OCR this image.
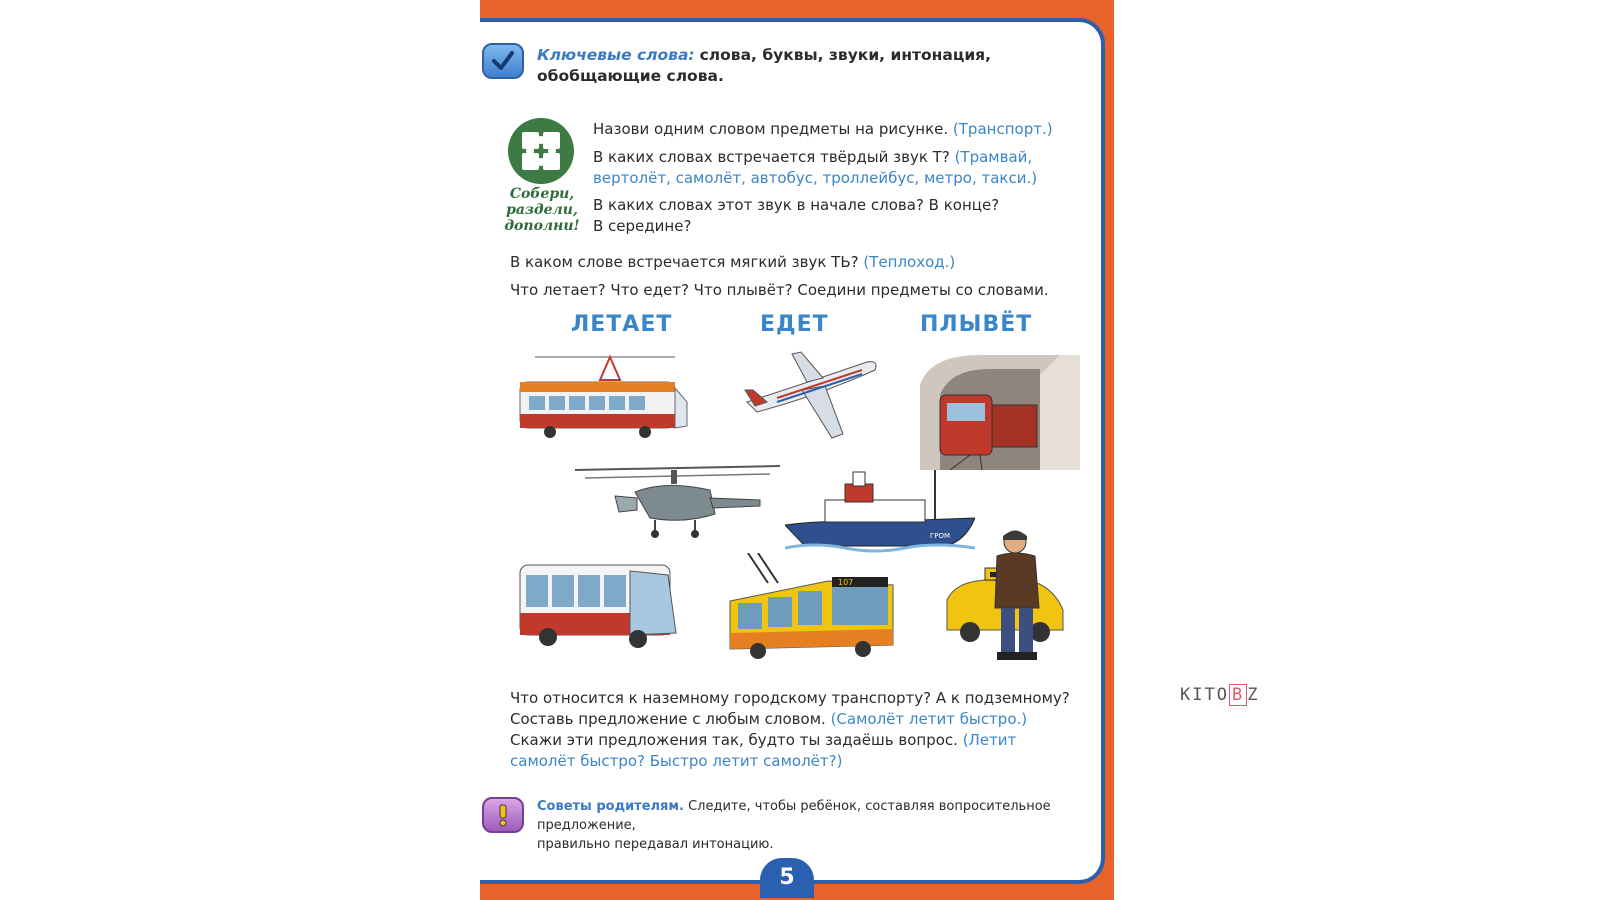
Ключевые слова: слова, буквы, звуки, интонация,
обобщающие слова.
Собери,
раздели,
дополни!
Назови одним словом предметы на рисунке. (Транспорт.)
В каких словах встречается твёрдый звук Т? (Трамвай,
вертолёт, самолёт, автобус, троллейбус, метро, такси.)
В каких словах этот звук в начале слова? В конце?
В середине?
В каком слове встречается мягкий звук ТЬ? (Теплоход.)
Что летает? Что едет? Что плывёт? Соедини предметы со словами.
ЛЕТАЕТ	ЕДЕТ	ПЛЫВЁТ
ГРОМ
107
Что относится к наземному городскому транспорту? А к подземному?
Составь предложение с любым словом. (Самолёт летит быстро.)
Скажи эти предложения так, будто ты задаёшь вопрос. (Летит
самолёт быстро? Быстро летит самолёт?)
Советы родителям. Следите, чтобы ребёнок, составляя вопросительное предложение,
правильно передавал интонацию.
5
KITO B Z
